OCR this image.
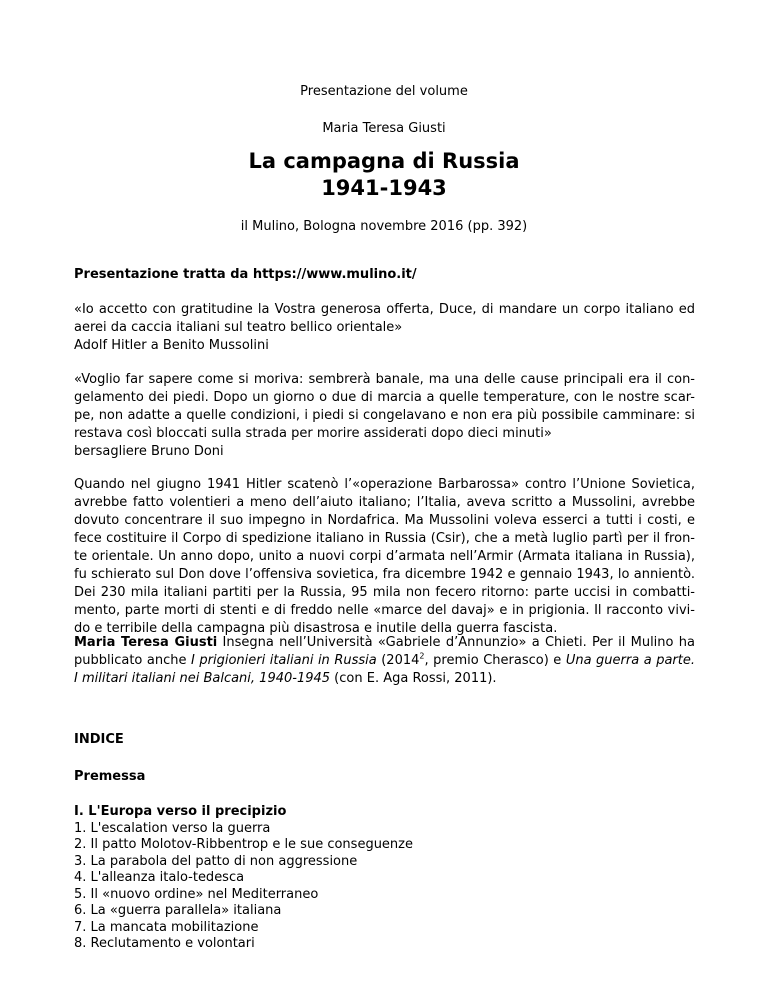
Presentazione del volume
Maria Teresa Giusti
La campagna di Russia
1941-1943
il Mulino, Bologna novembre 2016 (pp. 392)
Presentazione tratta da https://www.mulino.it/
«Io accetto con gratitudine la Vostra generosa offerta, Duce, di mandare un corpo italiano ed
aerei da caccia italiani sul teatro bellico orientale»
Adolf Hitler a Benito Mussolini
«Voglio far sapere come si moriva: sembrerà banale, ma una delle cause principali era il con-
gelamento dei piedi. Dopo un giorno o due di marcia a quelle temperature, con le nostre scar-
pe, non adatte a quelle condizioni, i piedi si congelavano e non era più possibile camminare: si
restava così bloccati sulla strada per morire assiderati dopo dieci minuti»
bersagliere Bruno Doni
Quando nel giugno 1941 Hitler scatenò l’«operazione Barbarossa» contro l’Unione Sovietica,
avrebbe fatto volentieri a meno dell’aiuto italiano; l’Italia, aveva scritto a Mussolini, avrebbe
dovuto concentrare il suo impegno in Nordafrica. Ma Mussolini voleva esserci a tutti i costi, e
fece costituire il Corpo di spedizione italiano in Russia (Csir), che a metà luglio partì per il fron-
te orientale. Un anno dopo, unito a nuovi corpi d’armata nell’Armir (Armata italiana in Russia),
fu schierato sul Don dove l’offensiva sovietica, fra dicembre 1942 e gennaio 1943, lo annientò.
Dei 230 mila italiani partiti per la Russia, 95 mila non fecero ritorno: parte uccisi in combatti-
mento, parte morti di stenti e di freddo nelle «marce del davaj» e in prigionia. Il racconto vivi-
do e terribile della campagna più disastrosa e inutile della guerra fascista.
Maria Teresa Giusti Insegna nell’Università «Gabriele d’Annunzio» a Chieti. Per il Mulino ha
pubblicato anche I prigionieri italiani in Russia (2014$^2$, premio Cherasco) e Una guerra a parte.
I militari italiani nei Balcani, 1940-1945 (con E. Aga Rossi, 2011).
INDICE
Premessa
I. L'Europa verso il precipizio
1. L'escalation verso la guerra
2. Il patto Molotov-Ribbentrop e le sue conseguenze
3. La parabola del patto di non aggressione
4. L'alleanza italo-tedesca
5. Il «nuovo ordine» nel Mediterraneo
6. La «guerra parallela» italiana
7. La mancata mobilitazione
8. Reclutamento e volontari
